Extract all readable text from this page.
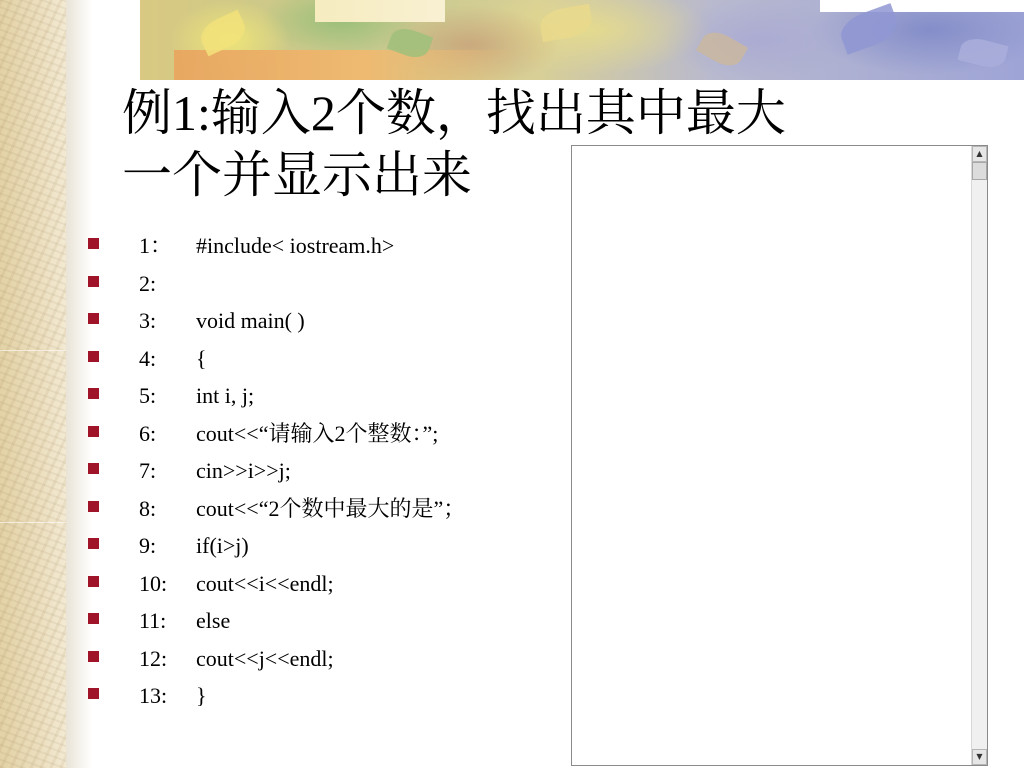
例1:输入2个数，找出其中最大
一个并显示出来
1： #include< iostream.h>
2:
3: void main( )
4: {
5: int i, j;
6: cout<<“请输入2个整数：”;
7: cin>>i>>j;
8: cout<<“2个数中最大的是”；
9: if(i>j)
10: cout<<i<<endl;
11: else
12: cout<<j<<endl;
13: }
▲
▼
